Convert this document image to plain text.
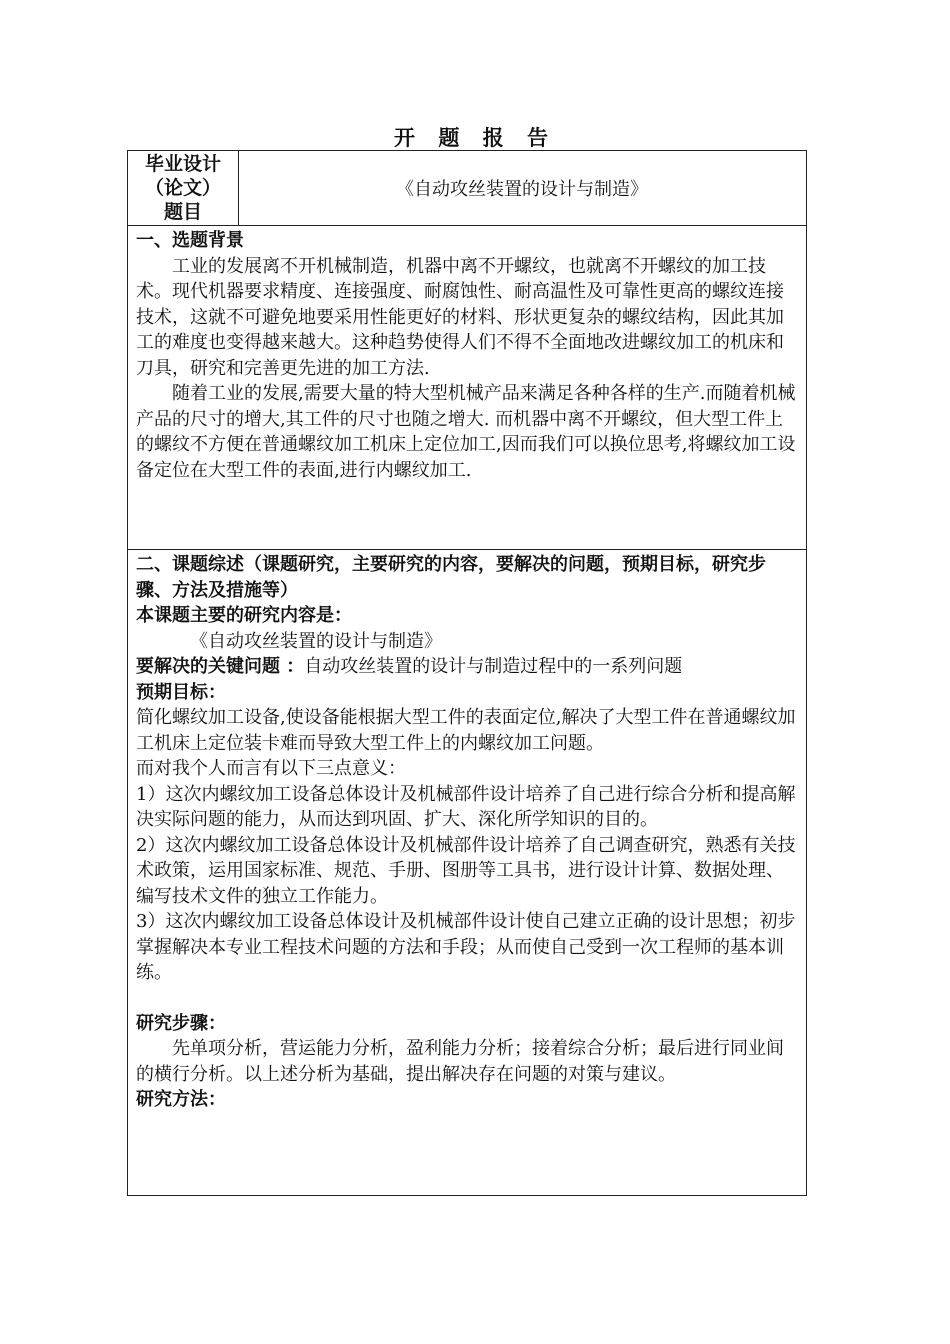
开 题 报 告
毕业设计
（论文）
题目
《自动攻丝装置的设计与制造》

一、选题背景

工业的发展离不开机械制造，机器中离不开螺纹，也就离不开螺纹的加工技术。现代机器要求精度、连接强度、耐腐蚀性、耐高温性及可靠性更高的螺纹连接技术，这就不可避免地要采用性能更好的材料、形状更复杂的螺纹结构，因此其加工的难度也变得越来越大。这种趋势使得人们不得不全面地改进螺纹加工的机床和刀具，研究和完善更先进的加工方法.

随着工业的发展,需要大量的特大型机械产品来满足各种各样的生产.而随着机械产品的尺寸的增大,其工件的尺寸也随之增大. 而机器中离不开螺纹，但大型工件上的螺纹不方便在普通螺纹加工机床上定位加工,因而我们可以换位思考,将螺纹加工设备定位在大型工件的表面,进行内螺纹加工.

二、课题综述（课题研究，主要研究的内容，要解决的问题，预期目标，研究步骤、方法及措施等）

本课题主要的研究内容是：

《自动攻丝装置的设计与制造》

要解决的关键问题 ：自动攻丝装置的设计与制造过程中的一系列问题

预期目标：

简化螺纹加工设备,使设备能根据大型工件的表面定位,解决了大型工件在普通螺纹加工机床上定位装卡难而导致大型工件上的内螺纹加工问题。

而对我个人而言有以下三点意义：

1）这次内螺纹加工设备总体设计及机械部件设计培养了自己进行综合分析和提高解决实际问题的能力，从而达到巩固、扩大、深化所学知识的目的。

2）这次内螺纹加工设备总体设计及机械部件设计培养了自己调查研究，熟悉有关技术政策，运用国家标准、规范、手册、图册等工具书，进行设计计算、数据处理、编写技术文件的独立工作能力。

3）这次内螺纹加工设备总体设计及机械部件设计使自己建立正确的设计思想；初步掌握解决本专业工程技术问题的方法和手段；从而使自己受到一次工程师的基本训练。

研究步骤：

先单项分析，营运能力分析，盈利能力分析；接着综合分析；最后进行同业间的横行分析。以上述分析为基础，提出解决存在问题的对策与建议。

研究方法：
